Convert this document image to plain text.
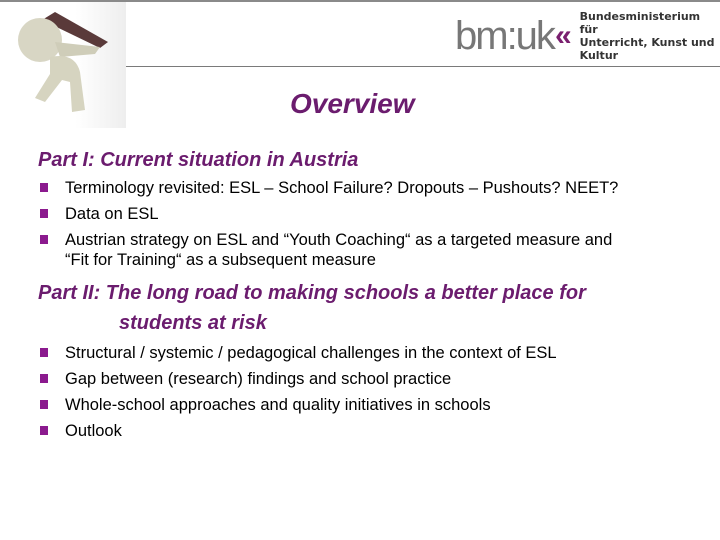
bm:uk «
Bundesministerium für
Unterricht, Kunst und Kultur
Overview
Part I: Current situation in Austria
Terminology revisited: ESL – School Failure? Dropouts – Pushouts? NEET?
Data on ESL
Austrian strategy on ESL and “Youth Coaching“ as a targeted measure and
“Fit for Training“ as a subsequent measure
Part II: The long road to making schools a better place for
students at risk
Structural / systemic / pedagogical challenges in the context of ESL
Gap between (research) findings and school practice
Whole-school approaches and quality initiatives in schools
Outlook
